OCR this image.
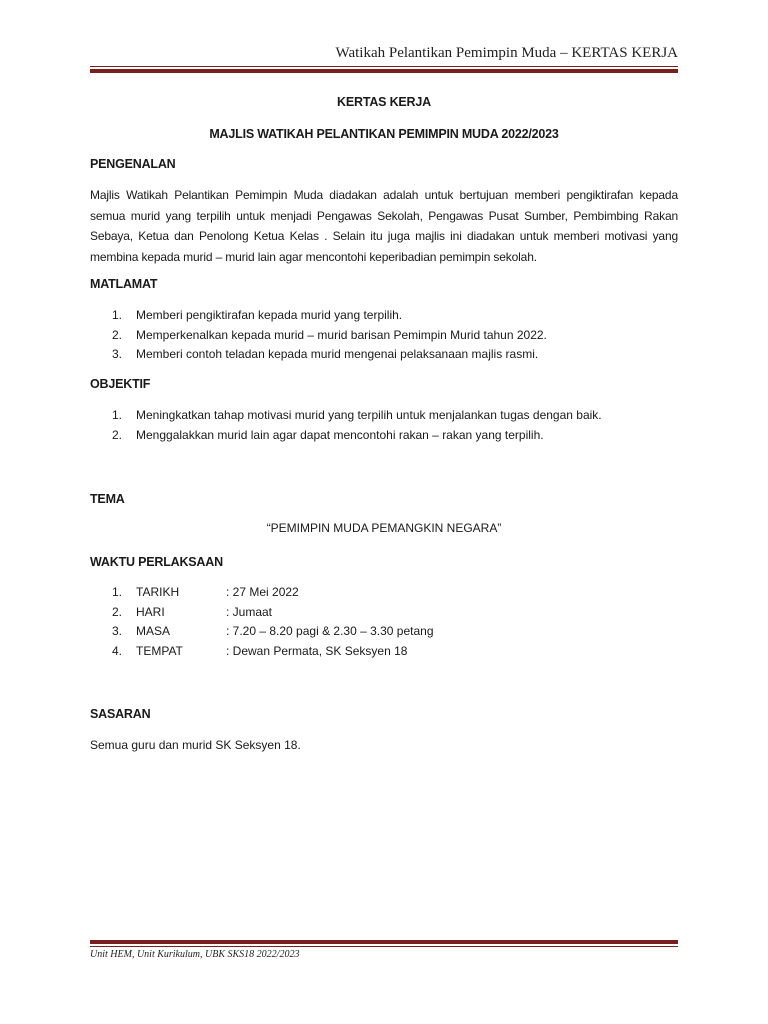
Watikah Pelantikan Pemimpin Muda – KERTAS KERJA
KERTAS KERJA
MAJLIS WATIKAH PELANTIKAN PEMIMPIN MUDA 2022/2023
PENGENALAN
Majlis Watikah Pelantikan Pemimpin Muda diadakan adalah untuk bertujuan memberi pengiktirafan kepada semua murid yang terpilih untuk menjadi Pengawas Sekolah, Pengawas Pusat Sumber, Pembimbing Rakan Sebaya, Ketua dan Penolong Ketua Kelas . Selain itu juga majlis ini diadakan untuk memberi motivasi yang membina kepada murid – murid lain agar mencontohi keperibadian pemimpin sekolah.
MATLAMAT
1.	Memberi pengiktirafan kepada murid yang terpilih.
2.	Memperkenalkan kepada murid – murid barisan Pemimpin Murid tahun 2022.
3.	Memberi contoh teladan kepada murid mengenai pelaksanaan majlis rasmi.
OBJEKTIF
1.	Meningkatkan tahap motivasi murid yang terpilih untuk menjalankan tugas dengan baik.
2.	Menggalakkan murid lain agar dapat mencontohi rakan – rakan yang terpilih.
TEMA
“PEMIMPIN MUDA PEMANGKIN NEGARA”
WAKTU PERLAKSAAN
1.	TARIKH	: 27 Mei 2022
2.	HARI	: Jumaat
3.	MASA	: 7.20 – 8.20 pagi & 2.30 – 3.30 petang
4.	TEMPAT	: Dewan Permata, SK Seksyen 18
SASARAN
Semua guru dan murid SK Seksyen 18.
Unit HEM, Unit Kurikulum, UBK SKS18 2022/2023
